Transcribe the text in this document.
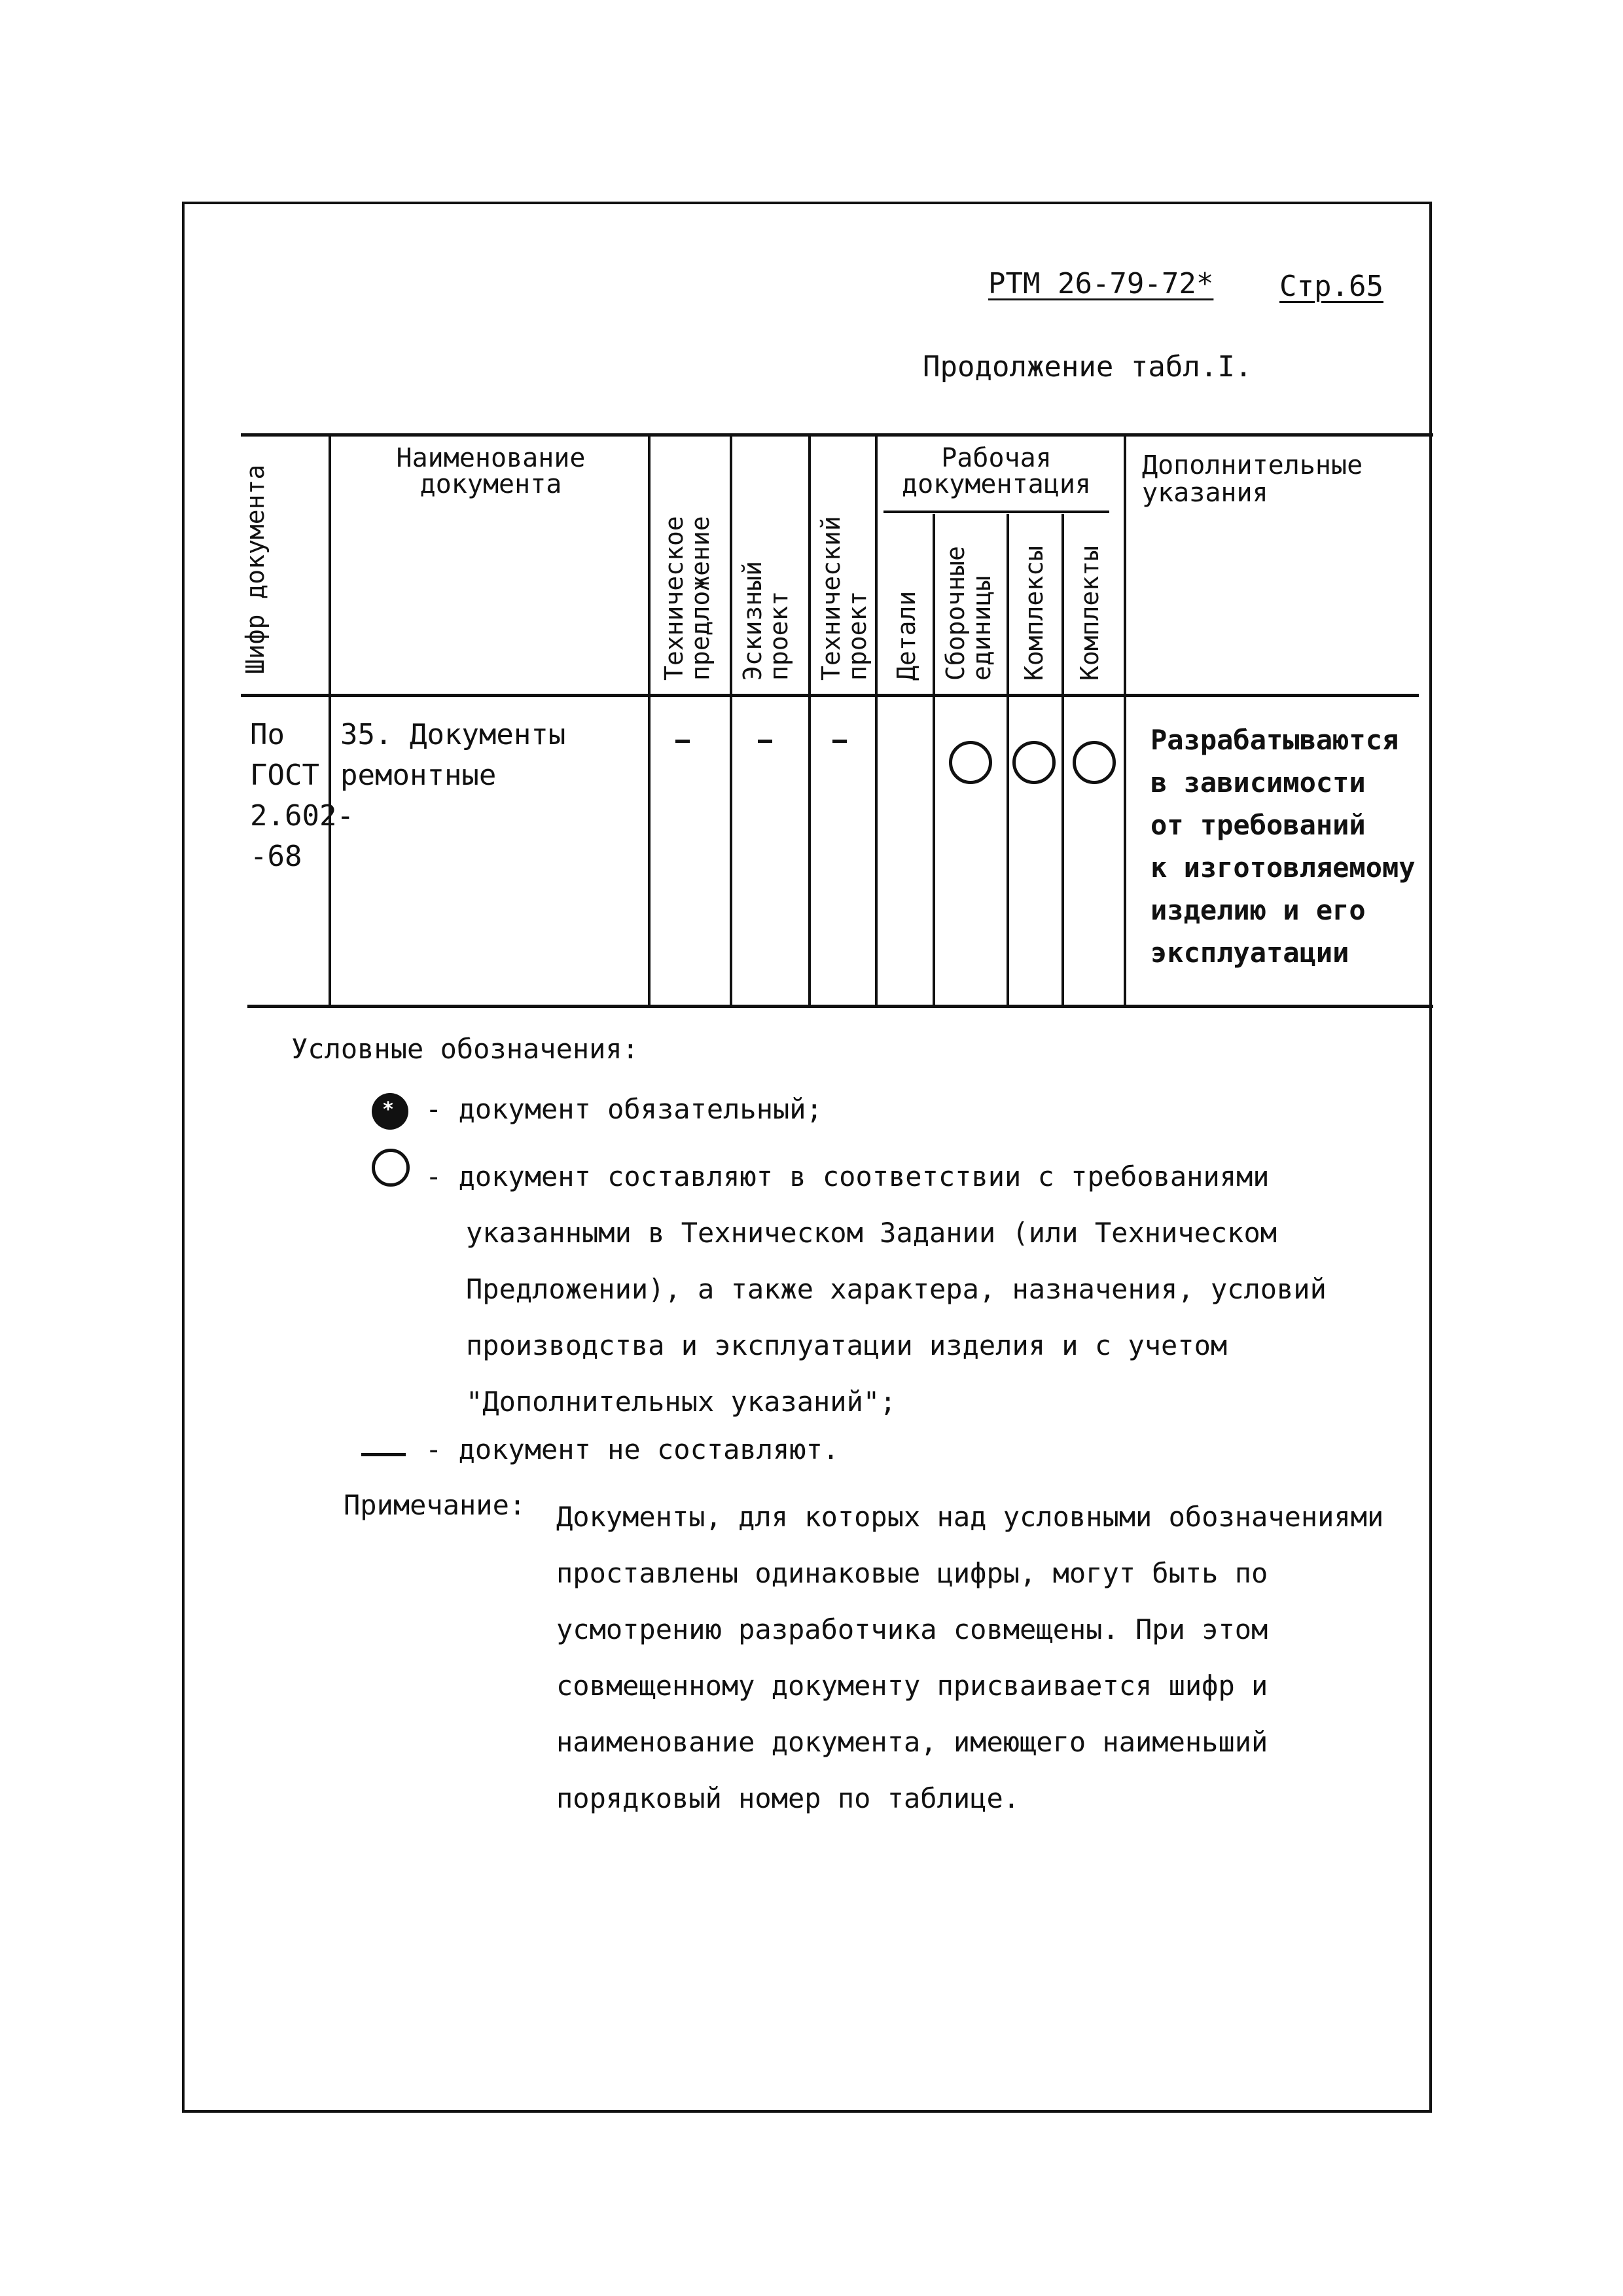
РТМ 26-79-72* Стр.65
Продолжение табл.I.
Шифр документа
Наименование документа
Техническое предложение Эскизный проект Технический проект
Рабочая документация
Детали Сборочные единицы Комплексы Комплекты
Дополнительные указания
По
ГОСТ
2.602-
-68
35. Документы
ремонтные
Разрабатываются
в зависимости
от требований
к изготовляемому
изделию и его
эксплуатации
Условные обозначения:
* - документ обязательный;
- документ составляют в соответствии с требованиями
указанными в Техническом Задании (или Техническом
Предложении), а также характера, назначения, условий
производства и эксплуатации изделия и с учетом
"Дополнительных указаний";
- документ не составляют.
Примечание: Документы, для которых над условными обозначениями
проставлены одинаковые цифры, могут быть по
усмотрению разработчика совмещены. При этом
совмещенному документу присваивается шифр и
наименование документа, имеющего наименьший
порядковый номер по таблице.
